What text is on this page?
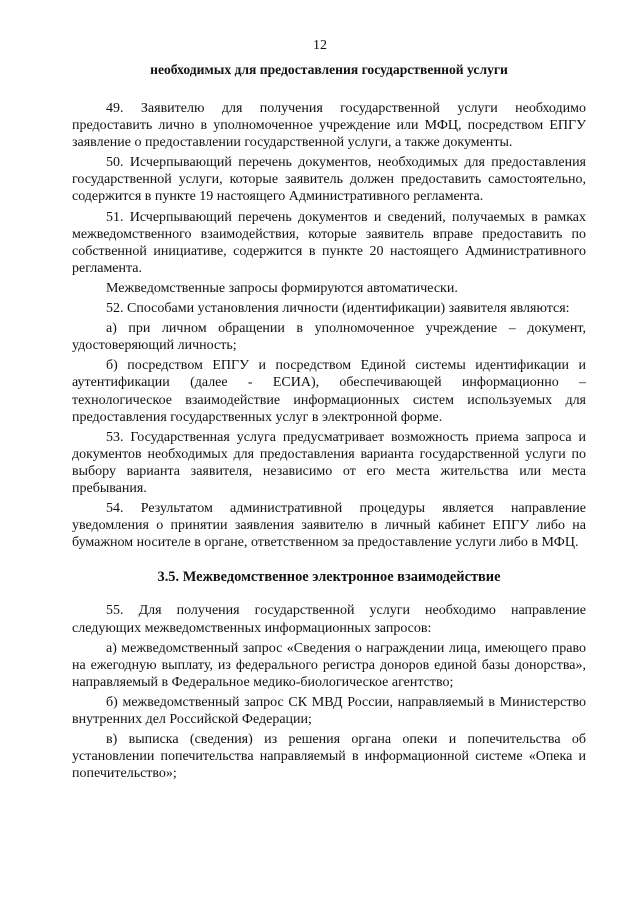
12
необходимых для предоставления государственной услуги

49. Заявителю для получения государственной услуги необходимо предоставить лично в уполномоченное учреждение или МФЦ, посредством ЕПГУ заявление о предоставлении государственной услуги, а также документы.

50. Исчерпывающий перечень документов, необходимых для предоставления государственной услуги, которые заявитель должен предоставить самостоятельно, содержится в пункте 19 настоящего Административного регламента.

51. Исчерпывающий перечень документов и сведений, получаемых в рамках межведомственного взаимодействия, которые заявитель вправе предоставить по собственной инициативе, содержится в пункте 20 настоящего Административного регламента.

Межведомственные запросы формируются автоматически.

52. Способами установления личности (идентификации) заявителя являются:

а) при личном обращении в уполномоченное учреждение – документ, удостоверяющий личность;

б) посредством ЕПГУ и посредством Единой системы идентификации и аутентификации (далее - ЕСИА), обеспечивающей информационно – технологическое взаимодействие информационных систем используемых для предоставления государственных услуг в электронной форме.

53. Государственная услуга предусматривает возможность приема запроса и документов необходимых для предоставления варианта государственной услуги по выбору варианта заявителя, независимо от его места жительства или места пребывания.

54. Результатом административной процедуры является направление уведомления о принятии заявления заявителю в личный кабинет ЕПГУ либо на бумажном носителе в органе, ответственном за предоставление услуги либо в МФЦ.

3.5. Межведомственное электронное взаимодействие

55. Для получения государственной услуги необходимо направление следующих межведомственных информационных запросов:

а) межведомственный запрос «Сведения о награждении лица, имеющего право на ежегодную выплату, из федерального регистра доноров единой базы донорства», направляемый в Федеральное медико-биологическое агентство;

б) межведомственный запрос СК МВД России, направляемый в Министерство внутренних дел Российской Федерации;

в) выписка (сведения) из решения органа опеки и попечительства об установлении попечительства направляемый в информационной системе «Опека и попечительство»;
